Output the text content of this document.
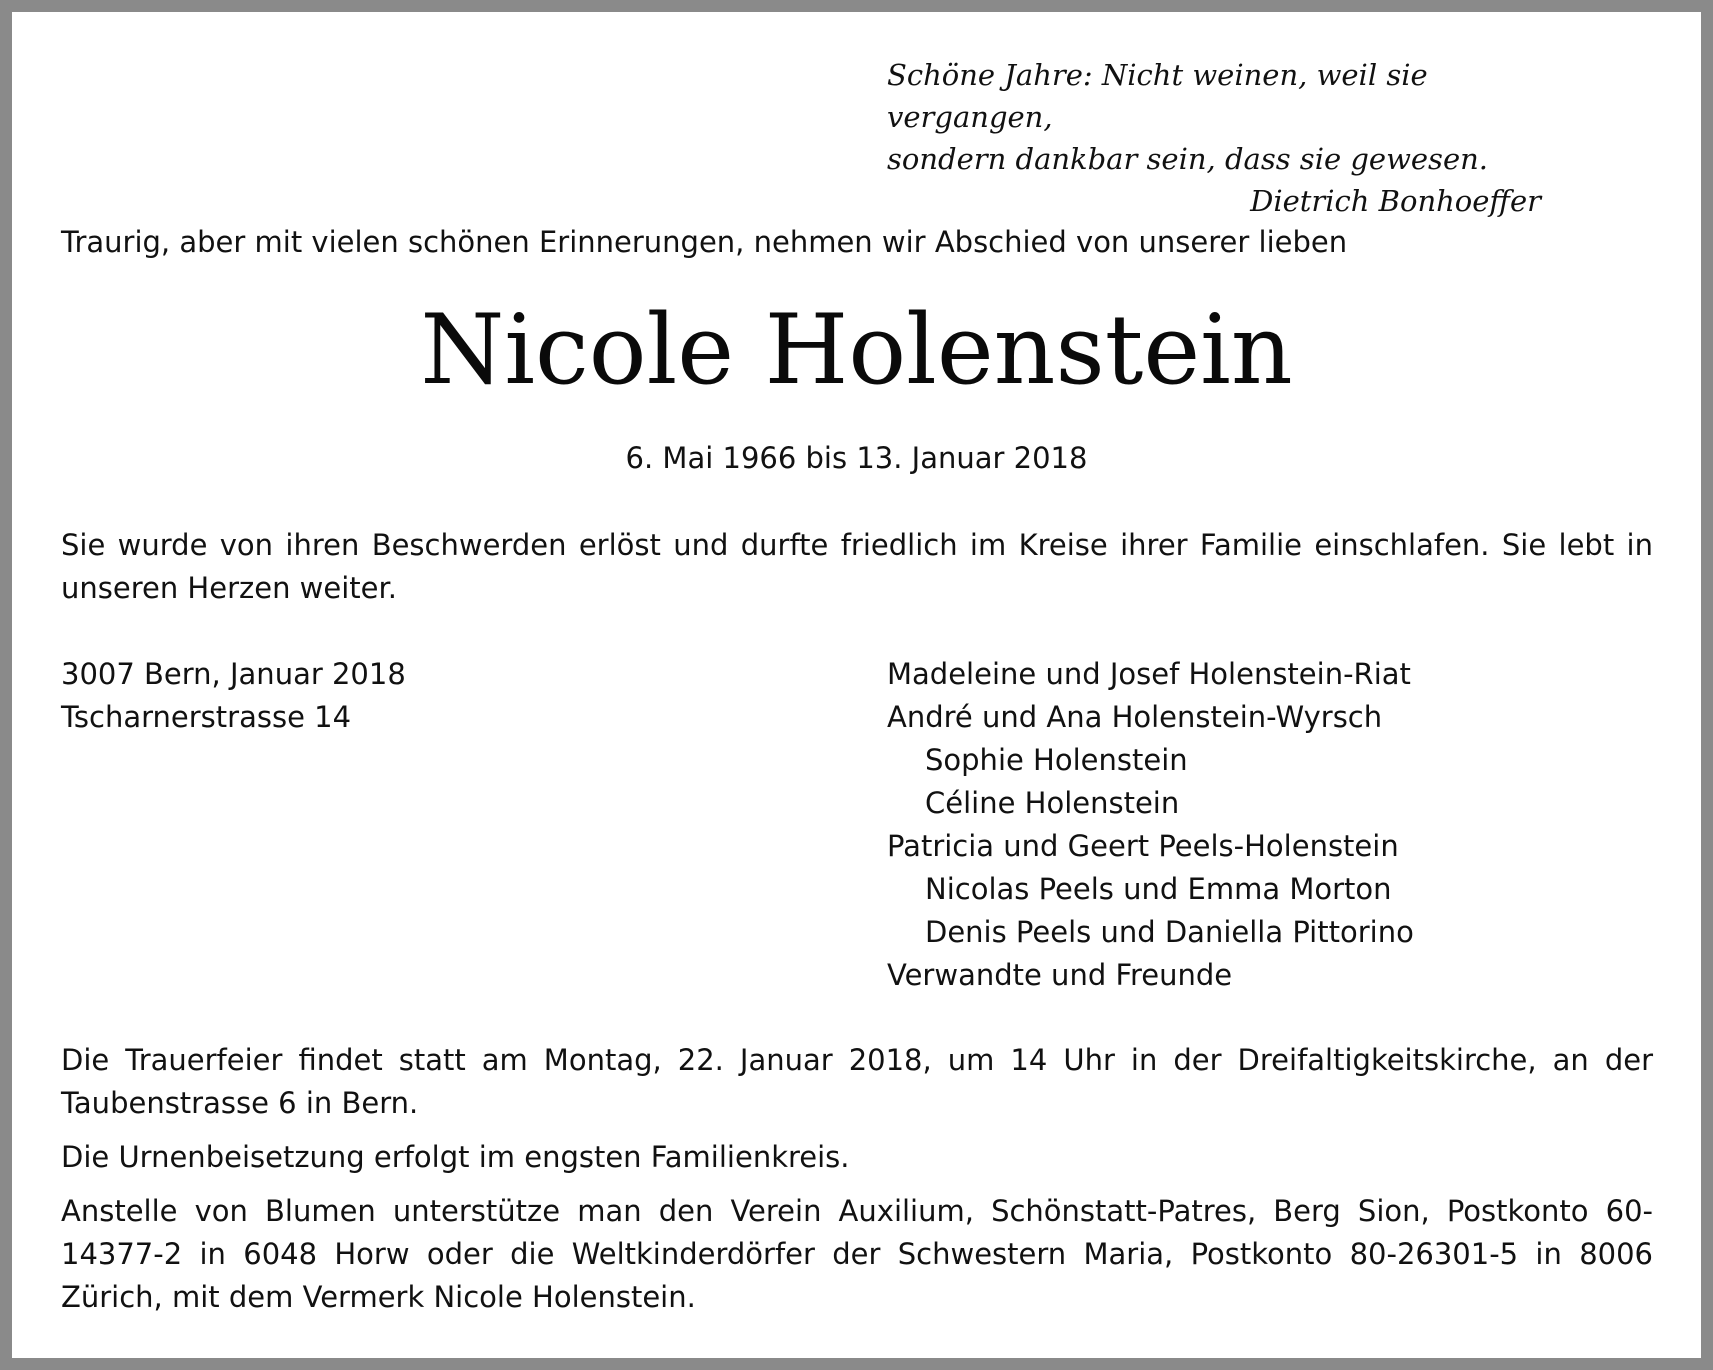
Schöne Jahre: Nicht weinen, weil sie vergangen,
sondern dankbar sein, dass sie gewesen.
Dietrich Bonhoeffer
Traurig, aber mit vielen schönen Erinnerungen, nehmen wir Abschied von unserer lieben
Nicole Holenstein
6. Mai 1966 bis 13. Januar 2018

Sie wurde von ihren Beschwerden erlöst und durfte friedlich im Kreise ihrer Familie einschlafen. Sie lebt in unseren Herzen weiter.

3007 Bern, Januar 2018
Tscharnerstrasse 14
Madeleine und Josef Holenstein-Riat
André und Ana Holenstein-Wyrsch
Sophie Holenstein
Céline Holenstein
Patricia und Geert Peels-Holenstein
Nicolas Peels und Emma Morton
Denis Peels und Daniella Pittorino
Verwandte und Freunde

Die Trauerfeier findet statt am Montag, 22. Januar 2018, um 14 Uhr in der Dreifaltigkeitskirche, an der Taubenstrasse 6 in Bern.

Die Urnenbeisetzung erfolgt im engsten Familienkreis.

Anstelle von Blumen unterstütze man den Verein Auxilium, Schönstatt-Patres, Berg Sion, Postkonto 60-14377-2 in 6048 Horw oder die Weltkinderdörfer der Schwestern Maria, Postkonto 80-26301-5 in 8006 Zürich, mit dem Vermerk Nicole Holenstein.
